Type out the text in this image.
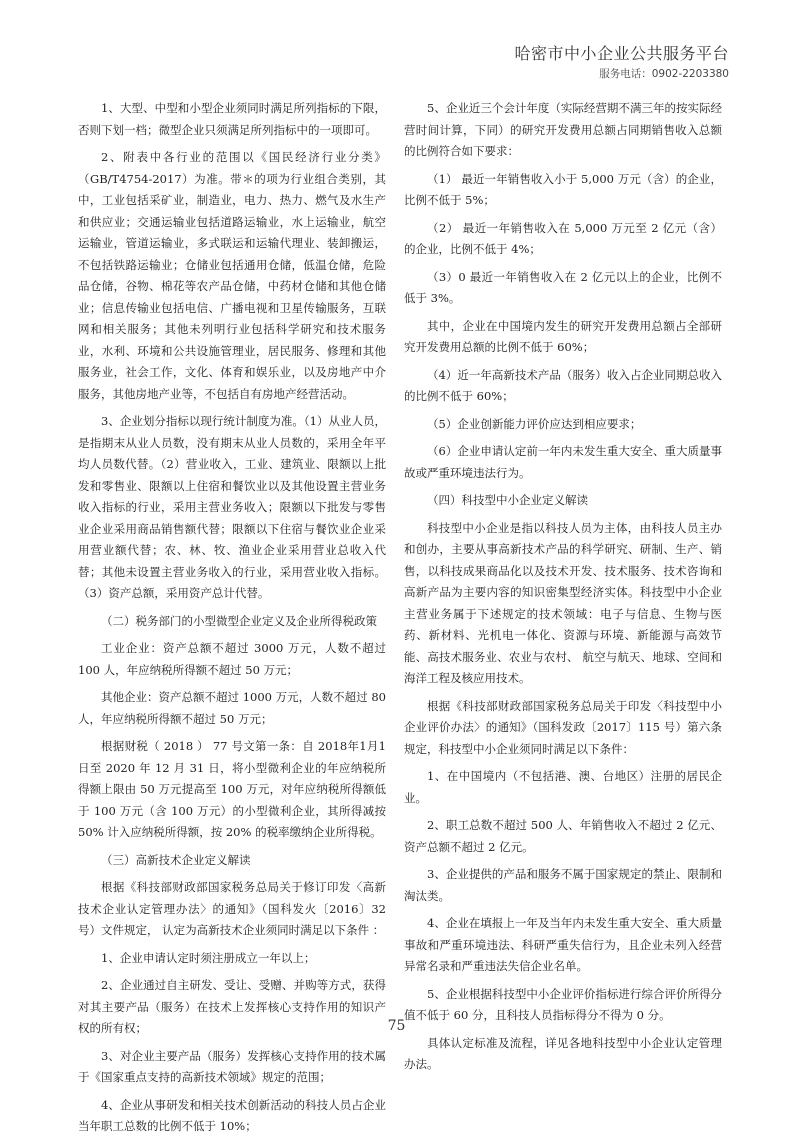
哈密市中小企业公共服务平台
服务电话：0902-2203380

1、大型、中型和小型企业须同时满足所列指标的下限，否则下划一档；微型企业只须满足所列指标中的一项即可。

2、附表中各行业的范围以《国民经济行业分类》（GB/T4754-2017）为准。带＊的项为行业组合类别，其中，工业包括采矿业，制造业，电力、热力、燃气及水生产和供应业；交通运输业包括道路运输业，水上运输业，航空运输业，管道运输业，多式联运和运输代理业、装卸搬运，不包括铁路运输业；仓储业包括通用仓储，低温仓储，危险品仓储，谷物、棉花等农产品仓储，中药材仓储和其他仓储业；信息传输业包括电信、广播电视和卫星传输服务，互联网和相关服务；其他未列明行业包括科学研究和技术服务业，水利、环境和公共设施管理业，居民服务、修理和其他服务业，社会工作，文化、体育和娱乐业，以及房地产中介服务，其他房地产业等，不包括自有房地产经营活动。

3、企业划分指标以现行统计制度为准。（1）从业人员，是指期末从业人员数，没有期末从业人员数的，采用全年平均人员数代替。（2）营业收入，工业、建筑业、限额以上批发和零售业、限额以上住宿和餐饮业以及其他设置主营业务收入指标的行业，采用主营业务收入；限额以下批发与零售业企业采用商品销售额代替；限额以下住宿与餐饮业企业采用营业额代替；农、林、牧、渔业企业采用营业总收入代替；其他未设置主营业务收入的行业，采用营业收入指标。（3）资产总额，采用资产总计代替。

（二）税务部门的小型微型企业定义及企业所得税政策

工业企业：资产总额不超过 3000 万元，人数不超过 100 人，年应纳税所得额不超过 50 万元；

其他企业：资产总额不超过 1000 万元，人数不超过 80 人，年应纳税所得额不超过 50 万元；

根据财税（ 2018 ） 77 号文第一条：自 2018年1月1日至 2020 年 12 月 31 日，将小型微利企业的年应纳税所得额上限由 50 万元提高至 100 万元，对年应纳税所得额低于 100 万元（含 100 万元）的小型微利企业，其所得减按 50% 计入应纳税所得额，按 20% 的税率缴纳企业所得税。

（三）高新技术企业定义解读

根据《科技部财政部国家税务总局关于修订印发〈高新技术企业认定管理办法〉的通知》（国科发火〔2016〕32 号）文件规定， 认定为高新技术企业须同时满足以下条件 ：

1、企业申请认定时须注册成立一年以上；

2、企业通过自主研发、受让、受赠、并购等方式，获得对其主要产品（服务）在技术上发挥核心支持作用的知识产权的所有权；

3、对企业主要产品（服务）发挥核心支持作用的技术属于《国家重点支持的高新技术领域》规定的范围；

4、企业从事研发和相关技术创新活动的科技人员占企业当年职工总数的比例不低于 10%；

5、企业近三个会计年度（实际经营期不满三年的按实际经营时间计算，下同）的研究开发费用总额占同期销售收入总额的比例符合如下要求：

（1） 最近一年销售收入小于 5,000 万元（含）的企业，比例不低于 5%；

（2） 最近一年销售收入在 5,000 万元至 2 亿元（含）的企业，比例不低于 4%；

（3）0 最近一年销售收入在 2 亿元以上的企业，比例不低于 3%。

其中，企业在中国境内发生的研究开发费用总额占全部研究开发费用总额的比例不低于 60%；

（4）近一年高新技术产品（服务）收入占企业同期总收入的比例不低于 60%；

（5）企业创新能力评价应达到相应要求；

（6）企业申请认定前一年内未发生重大安全、重大质量事故或严重环境违法行为。

（四）科技型中小企业定义解读

科技型中小企业是指以科技人员为主体，由科技人员主办和创办，主要从事高新技术产品的科学研究、研制、生产、销售，以科技成果商品化以及技术开发、技术服务、技术咨询和高新产品为主要内容的知识密集型经济实体。科技型中小企业主营业务属于下述规定的技术领域：电子与信息、生物与医药、新材料、光机电一体化、资源与环境、新能源与高效节能、高技术服务业、农业与农村、 航空与航天、地球、空间和海洋工程及核应用技术。

根据《科技部财政部国家税务总局关于印发〈科技型中小企业评价办法〉的通知》（国科发政〔2017〕115 号）第六条规定，科技型中小企业须同时满足以下条件：

1、在中国境内（不包括港、澳、台地区）注册的居民企业。

2、职工总数不超过 500 人、年销售收入不超过 2 亿元、资产总额不超过 2 亿元。

3、企业提供的产品和服务不属于国家规定的禁止、限制和淘汰类。

4、企业在填报上一年及当年内未发生重大安全、重大质量事故和严重环境违法、科研严重失信行为，且企业未列入经营异常名录和严重违法失信企业名单。

5、企业根据科技型中小企业评价指标进行综合评价所得分值不低于 60 分，且科技人员指标得分不得为 0 分。

具体认定标准及流程，详见各地科技型中小企业认定管理办法。

75
